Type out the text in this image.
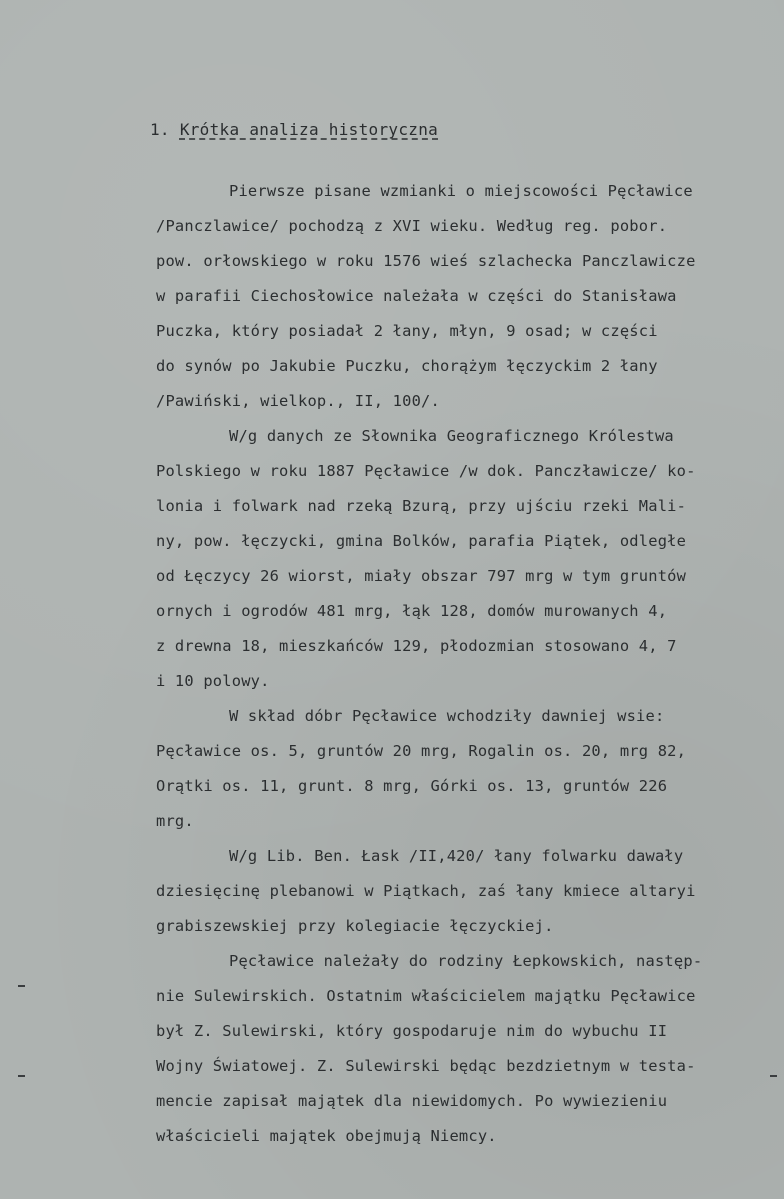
1. Krótka analiza historyczna

Pierwsze pisane wzmianki o miejscowości Pęcławice

/Panczlawice/ pochodzą z XVI wieku. Według reg. pobor.

pow. orłowskiego w roku 1576 wieś szlachecka Panczlawicze

w parafii Ciechosłowice należała w części do Stanisława

Puczka, który posiadał 2 łany, młyn, 9 osad; w części

do synów po Jakubie Puczku, chorążym łęczyckim 2 łany

/Pawiński, wielkop., II, 100/.

W/g danych ze Słownika Geograficznego Królestwa

Polskiego w roku 1887 Pęcławice /w dok. Panczławicze/ ko-

lonia i folwark nad rzeką Bzurą, przy ujściu rzeki Mali-

ny, pow. łęczycki, gmina Bolków, parafia Piątek, odległe

od Łęczycy 26 wiorst, miały obszar 797 mrg w tym gruntów

ornych i ogrodów 481 mrg, łąk 128, domów murowanych 4,

z drewna 18, mieszkańców 129, płodozmian stosowano 4, 7

i 10 polowy.

W skład dóbr Pęcławice wchodziły dawniej wsie:

Pęcławice os. 5, gruntów 20 mrg, Rogalin os. 20, mrg 82,

Orątki os. 11, grunt. 8 mrg, Górki os. 13, gruntów 226

mrg.

W/g Lib. Ben. Łask /II,420/ łany folwarku dawały

dziesięcinę plebanowi w Piątkach, zaś łany kmiece altaryi

grabiszewskiej przy kolegiacie łęczyckiej.

Pęcławice należały do rodziny Łepkowskich, następ-

nie Sulewirskich. Ostatnim właścicielem majątku Pęcławice

był Z. Sulewirski, który gospodaruje nim do wybuchu II

Wojny Światowej. Z. Sulewirski będąc bezdzietnym w testa-

mencie zapisał majątek dla niewidomych. Po wywiezieniu

właścicieli majątek obejmują Niemcy.
